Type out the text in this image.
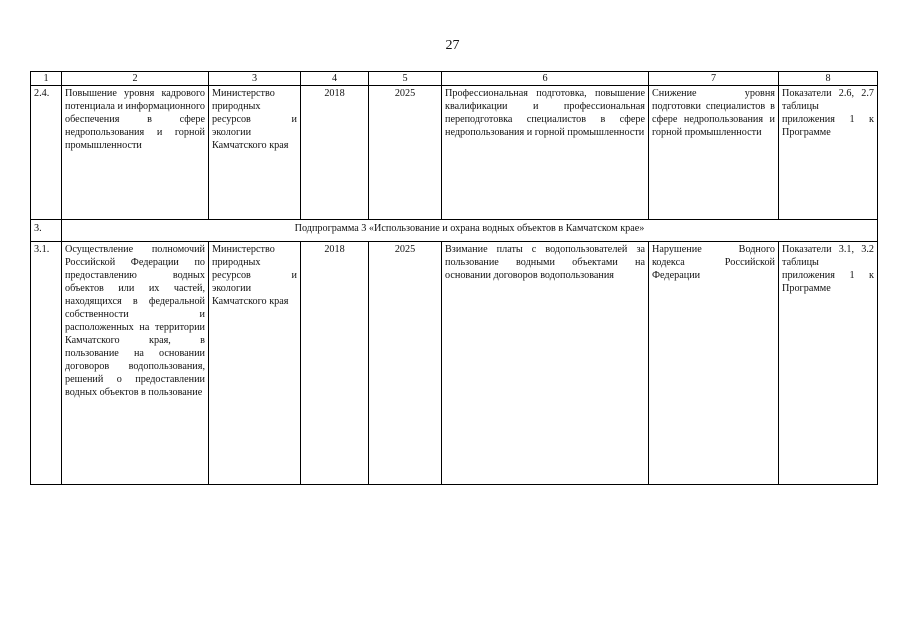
27
1	2	3	4	5	6	7	8
2.4.	Повышение уровня кадрового потенциала и информационного обеспечения в сфере недропользования и горной промышленности	Министерство природных ресурсов и экологии Камчатского края	2018	2025	Профессиональная подготовка, повышение квалификации и профессиональная переподготовка специалистов в сфере недропользования и горной промышленности	Снижение уровня подготовки специалистов в сфере недропользования и горной промышленности	Показатели 2.6, 2.7 таблицы приложения 1 к Программе
3.	Подпрограмма 3 «Использование и охрана водных объектов в Камчатском крае»						
3.1.	Осуществление полномочий Российской Федерации по предоставлению водных объектов или их частей, находящихся в федеральной собственности и расположенных на территории Камчатского края, в пользование на основании договоров водопользования, решений о предоставлении водных объектов в пользование	Министерство природных ресурсов и экологии Камчатского края	2018	2025	Взимание платы с водопользователей за пользование водными объектами на основании договоров водопользования	Нарушение Водного кодекса Российской Федерации	Показатели 3.1, 3.2 таблицы приложения 1 к Программе
